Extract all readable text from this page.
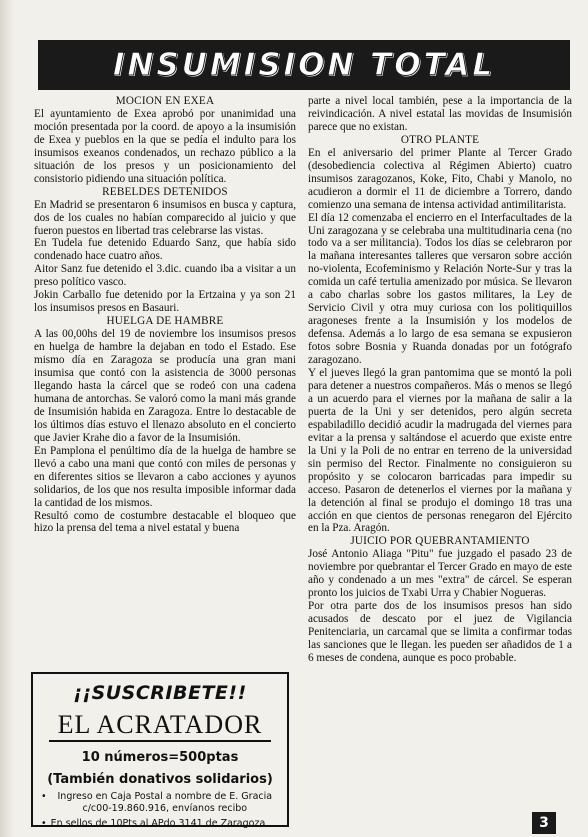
INSUMISION TOTAL
MOCION EN EXEA

El ayuntamiento de Exea aprobó por unanimidad una moción presentada por la coord. de apoyo a la insumisión de Exea y pueblos en la que se pedía el indulto para los insumisos exeanos condenados, un rechazo público a la situación de los presos y un posicionamiento del consistorio pidiendo una situación política.

REBELDES DETENIDOS

En Madrid se presentaron 6 insumisos en busca y captura, dos de los cuales no habían comparecido al juicio y que fueron puestos en libertad tras celebrarse las vistas.

En Tudela fue detenido Eduardo Sanz, que había sido condenado hace cuatro años.

Aitor Sanz fue detenido el 3.dic. cuando iba a visitar a un preso político vasco.

Jokin Carballo fue detenido por la Ertzaina y ya son 21 los insumisos presos en Basauri.

HUELGA DE HAMBRE

A las 00,00hs del 19 de noviembre los insumisos presos en huelga de hambre la dejaban en todo el Estado. Ese mismo día en Zaragoza se producía una gran mani insumisa que contó con la asistencia de 3000 personas llegando hasta la cárcel que se rodeó con una cadena humana de antorchas. Se valoró como la mani más grande de Insumisión habida en Zaragoza. Entre lo destacable de los últimos días estuvo el llenazo absoluto en el concierto que Javier Krahe dio a favor de la Insumisión.

En Pamplona el penúltimo día de la huelga de hambre se llevó a cabo una mani que contó con miles de personas y en diferentes sitios se llevaron a cabo acciones y ayunos solidarios, de los que nos resulta imposible informar dada la cantidad de los mismos.

Resultó como de costumbre destacable el bloqueo que hizo la prensa del tema a nivel estatal y buena

parte a nivel local también, pese a la importancia de la reivindicación. A nivel estatal las movidas de Insumisión parece que no existan.

OTRO PLANTE

En el aniversario del primer Plante al Tercer Grado (desobediencia colectiva al Régimen Abierto) cuatro insumisos zaragozanos, Koke, Fito, Chabi y Manolo, no acudieron a dormir el 11 de diciembre a Torrero, dando comienzo una semana de intensa actividad antimilitarista.

El día 12 comenzaba el encierro en el Interfacultades de la Uni zaragozana y se celebraba una multitudinaria cena (no todo va a ser militancia). Todos los días se celebraron por la mañana interesantes talleres que versaron sobre acción no-violenta, Ecofeminismo y Relación Norte-Sur y tras la comida un café tertulia amenizado por música. Se llevaron a cabo charlas sobre los gastos militares, la Ley de Servicio Civil y otra muy curiosa con los politiquillos aragoneses frente a la Insumisión y los modelos de defensa. Además a lo largo de esa semana se expusieron fotos sobre Bosnia y Ruanda donadas por un fotógrafo zaragozano.

Y el jueves llegó la gran pantomima que se montó la poli para detener a nuestros compañeros. Más o menos se llegó a un acuerdo para el viernes por la mañana de salir a la puerta de la Uni y ser detenidos, pero algún secreta espabiladillo decidió acudir la madrugada del viernes para evitar a la prensa y saltándose el acuerdo que existe entre la Uni y la Poli de no entrar en terreno de la universidad sin permiso del Rector. Finalmente no consiguieron su propósito y se colocaron barricadas para impedir su acceso. Pasaron de detenerlos el viernes por la mañana y la detención al final se produjo el domingo 18 tras una acción en que cientos de personas renegaron del Ejército en la Pza. Aragón.

JUICIO POR QUEBRANTAMIENTO

José Antonio Aliaga "Pitu" fue juzgado el pasado 23 de noviembre por quebrantar el Tercer Grado en mayo de este año y condenado a un mes "extra" de cárcel. Se esperan pronto los juicios de Txabi Urra y Chabier Nogueras.

Por otra parte dos de los insumisos presos han sido acusados de descato por el juez de Vigilancia Penitenciaria, un carcamal que se limita a confirmar todas las sanciones que le llegan. les pueden ser añadidos de 1 a 6 meses de condena, aunque es poco probable.

¡¡SUSCRIBETE!!
EL ACRATADOR
10 números=500ptas
(También donativos solidarios)
•	Ingreso en Caja Postal a nombre de E. Gracia c/c00-19.860.916, envíanos recibo
• En sellos de 10Pts al APdo 3141 de Zaragoza	3
